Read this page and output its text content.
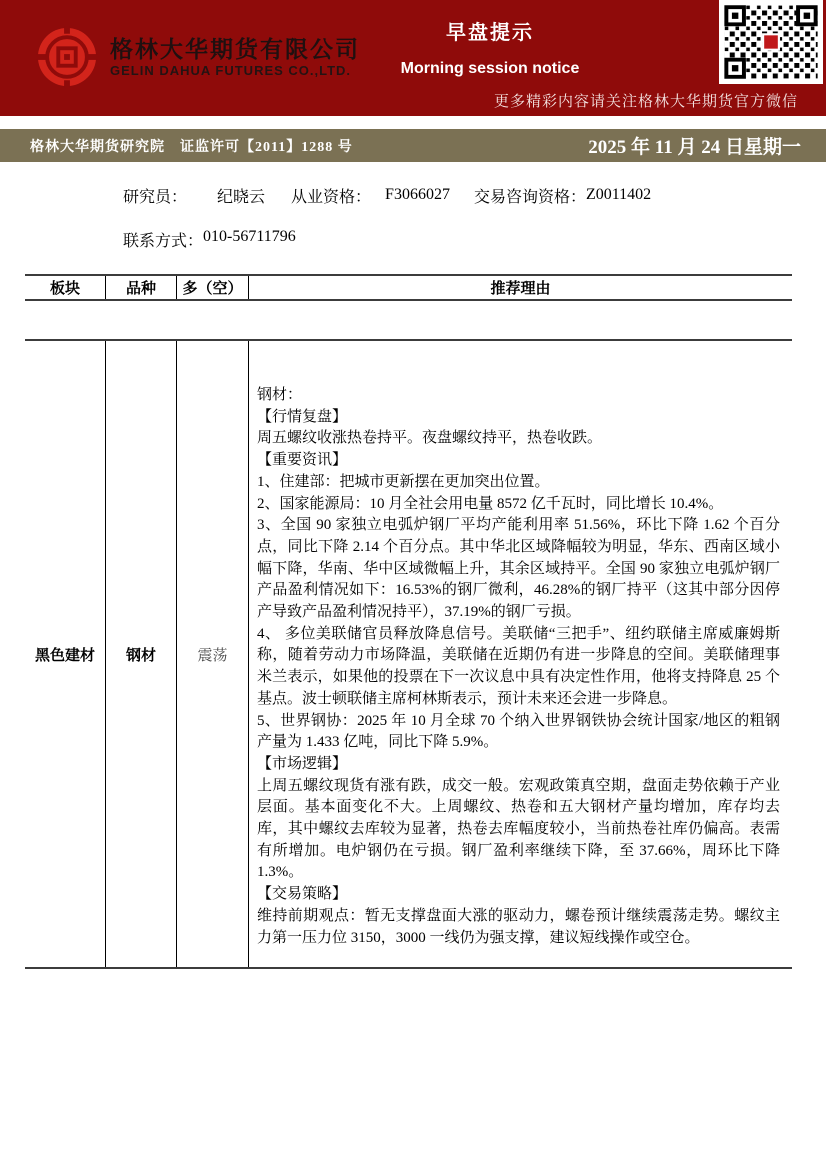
格林大华期货有限公司
GELIN DAHUA FUTURES CO.,LTD.
早盘提示
Morning session notice
更多精彩内容请关注格林大华期货官方微信
格林大华期货研究院　证监许可【2011】1288 号	2025 年 11 月 24 日星期一
研究员： 纪晓云 从业资格： F3066027 交易咨询资格： Z0011402
联系方式： 010-56711796
板块	品种	多（空）	推荐理由
黑色建材	钢材	震荡

钢材：

【行情复盘】

周五螺纹收涨热卷持平。夜盘螺纹持平，热卷收跌。

【重要资讯】

1、住建部：把城市更新摆在更加突出位置。

2、国家能源局：10 月全社会用电量 8572 亿千瓦时，同比增长 10.4%。

3、全国 90 家独立电弧炉钢厂平均产能利用率 51.56%，环比下降 1.62 个百分点，同比下降 2.14 个百分点。其中华北区域降幅较为明显，华东、西南区域小幅下降，华南、华中区域微幅上升，其余区域持平。全国 90 家独立电弧炉钢厂产品盈利情况如下：16.53%的钢厂微利，46.28%的钢厂持平（这其中部分因停产导致产品盈利情况持平），37.19%的钢厂亏损。

4、 多位美联储官员释放降息信号。美联储“三把手”、纽约联储主席威廉姆斯称，随着劳动力市场降温，美联储在近期仍有进一步降息的空间。美联储理事米兰表示，如果他的投票在下一次议息中具有决定性作用，他将支持降息 25 个基点。波士顿联储主席柯林斯表示，预计未来还会进一步降息。

5、世界钢协：2025 年 10 月全球 70 个纳入世界钢铁协会统计国家/地区的粗钢产量为 1.433 亿吨，同比下降 5.9%。

【市场逻辑】

上周五螺纹现货有涨有跌，成交一般。宏观政策真空期，盘面走势依赖于产业层面。基本面变化不大。上周螺纹、热卷和五大钢材产量均增加，库存均去库，其中螺纹去库较为显著，热卷去库幅度较小，当前热卷社库仍偏高。表需有所增加。电炉钢仍在亏损。钢厂盈利率继续下降，至 37.66%，周环比下降 1.3%。

【交易策略】

维持前期观点：暂无支撑盘面大涨的驱动力，螺卷预计继续震荡走势。螺纹主力第一压力位 3150，3000 一线仍为强支撑，建议短线操作或空仓。
